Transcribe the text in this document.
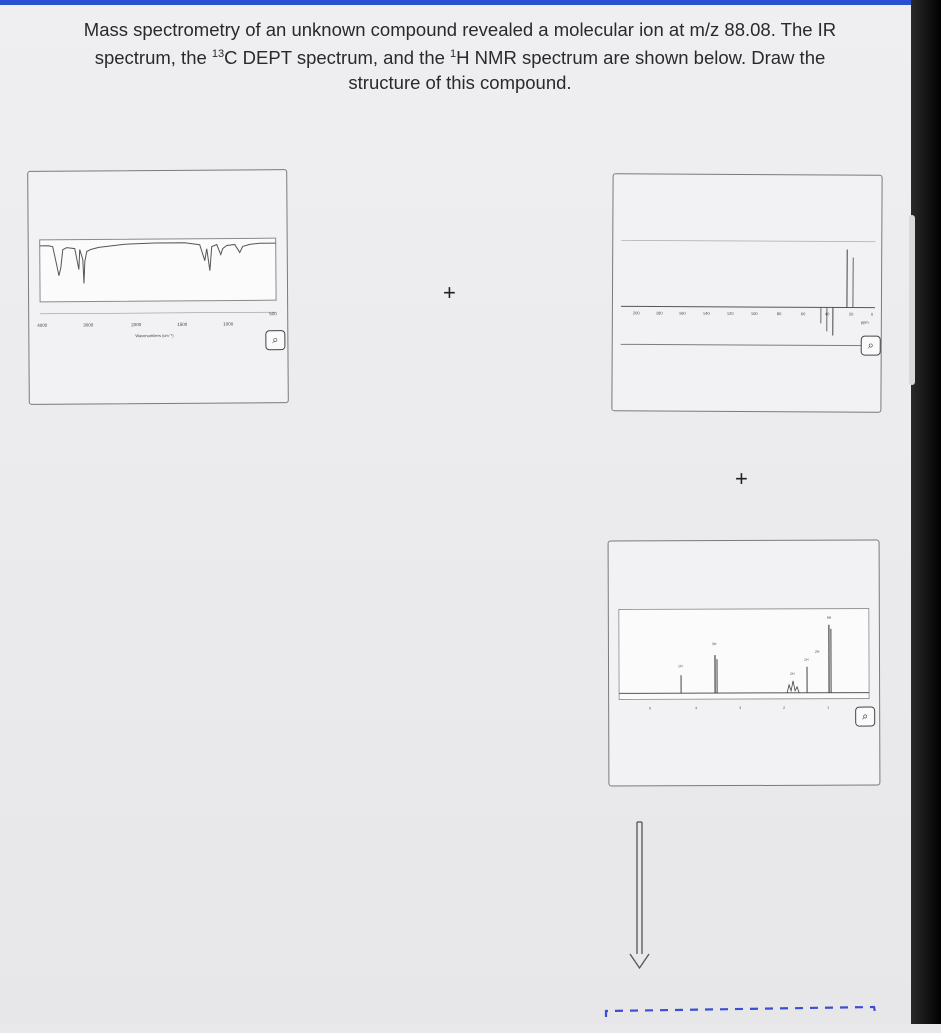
Mass spectrometry of an unknown compound revealed a molecular ion at m/z 88.08. The IR
spectrum, the $^{13}$C DEPT spectrum, and the $^1$H NMR spectrum are shown below. Draw the
structure of this compound.
4000	3000	2000	1500	1000
500
Wavenumbers (cm⁻¹)	⌕
+
200	180	160	140	120	100	80	60	40	20	0
ppm
⌕
+
3H
1H
2H
1H
2H
6H
5	4	3	2	1
⌕
